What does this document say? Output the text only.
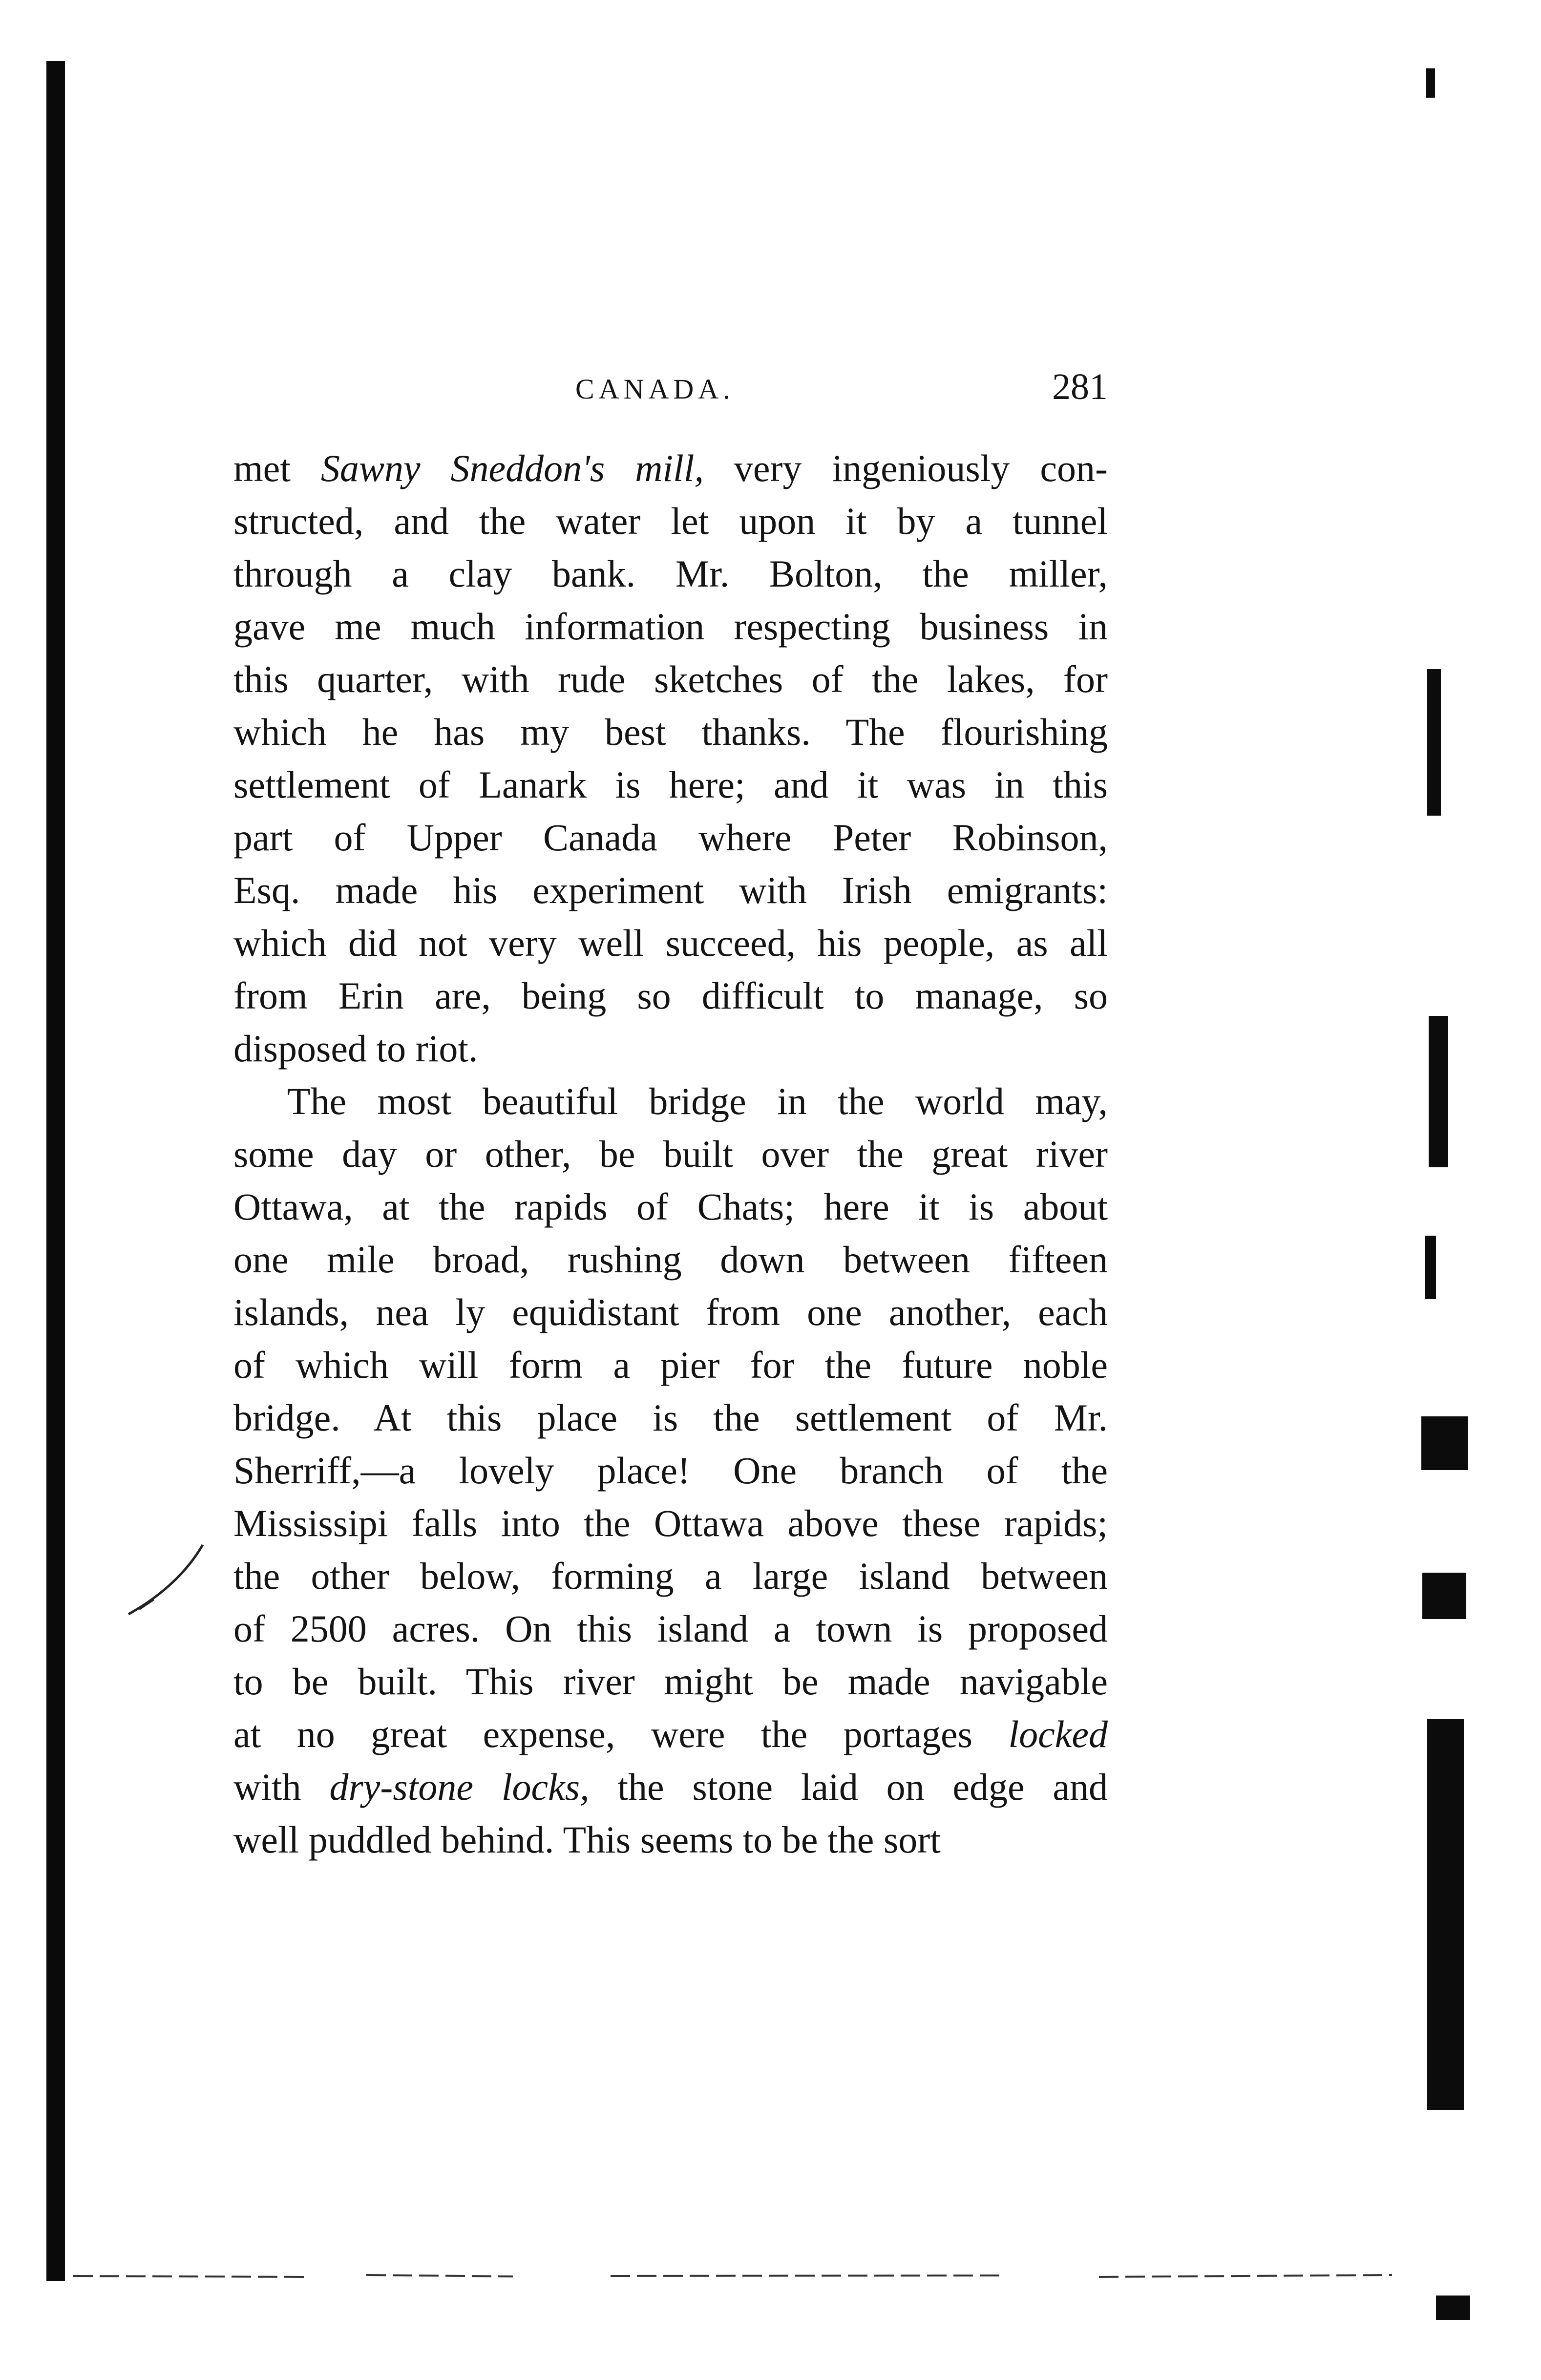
CANADA.	281
met Sawny Sneddon's mill, very ingeniously con-
structed, and the water let upon it by a tunnel
through a clay bank. Mr. Bolton, the miller,
gave me much information respecting business in
this quarter, with rude sketches of the lakes, for
which he has my best thanks. The flourishing
settlement of Lanark is here; and it was in this
part of Upper Canada where Peter Robinson,
Esq. made his experiment with Irish emigrants:
which did not very well succeed, his people, as all
from Erin are, being so difficult to manage, so
disposed to riot.
The most beautiful bridge in the world may,
some day or other, be built over the great river
Ottawa, at the rapids of Chats; here it is about
one mile broad, rushing down between fifteen
islands, nea ly equidistant from one another, each
of which will form a pier for the future noble
bridge. At this place is the settlement of Mr.
Sherriff,—a lovely place! One branch of the
Mississipi falls into the Ottawa above these rapids;
the other below, forming a large island between
of 2500 acres. On this island a town is proposed
to be built. This river might be made navigable
at no great expense, were the portages locked
with dry-stone locks, the stone laid on edge and
well puddled behind. This seems to be the sort
